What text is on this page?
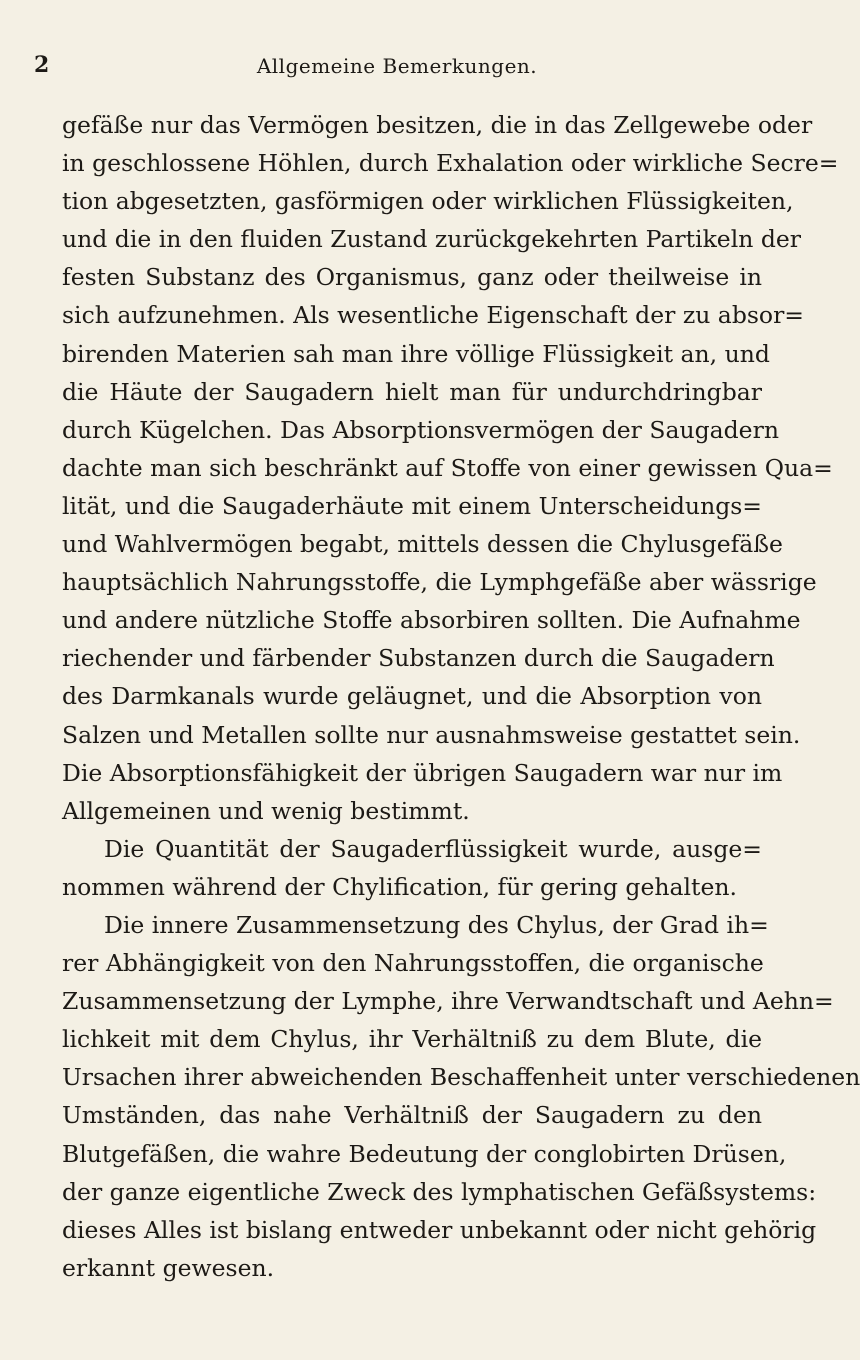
2	Allgemeine Bemerkungen.
gefäße nur das Vermögen besitzen, die in das Zellgewebe oder
in geschlossene Höhlen, durch Exhalation oder wirkliche Secre=
tion abgesetzten, gasförmigen oder wirklichen Flüssigkeiten,
und die in den fluiden Zustand zurückgekehrten Partikeln der
festen Substanz des Organismus, ganz oder theilweise in
sich aufzunehmen. Als wesentliche Eigenschaft der zu absor=
birenden Materien sah man ihre völlige Flüssigkeit an, und
die Häute der Saugadern hielt man für undurchdringbar
durch Kügelchen. Das Absorptionsvermögen der Saugadern
dachte man sich beschränkt auf Stoffe von einer gewissen Qua=
lität, und die Saugaderhäute mit einem Unterscheidungs=
und Wahlvermögen begabt, mittels dessen die Chylusgefäße
hauptsächlich Nahrungsstoffe, die Lymphgefäße aber wässrige
und andere nützliche Stoffe absorbiren sollten. Die Aufnahme
riechender und färbender Substanzen durch die Saugadern
des Darmkanals wurde geläugnet, und die Absorption von
Salzen und Metallen sollte nur ausnahmsweise gestattet sein.
Die Absorptionsfähigkeit der übrigen Saugadern war nur im
Allgemeinen und wenig bestimmt.
Die Quantität der Saugaderflüssigkeit wurde, ausge=
nommen während der Chylification, für gering gehalten.
Die innere Zusammensetzung des Chylus, der Grad ih=
rer Abhängigkeit von den Nahrungsstoffen, die organische
Zusammensetzung der Lymphe, ihre Verwandtschaft und Aehn=
lichkeit mit dem Chylus, ihr Verhältniß zu dem Blute, die
Ursachen ihrer abweichenden Beschaffenheit unter verschiedenen
Umständen, das nahe Verhältniß der Saugadern zu den
Blutgefäßen, die wahre Bedeutung der conglobirten Drüsen,
der ganze eigentliche Zweck des lymphatischen Gefäßsystems:
dieses Alles ist bislang entweder unbekannt oder nicht gehörig
erkannt gewesen.
